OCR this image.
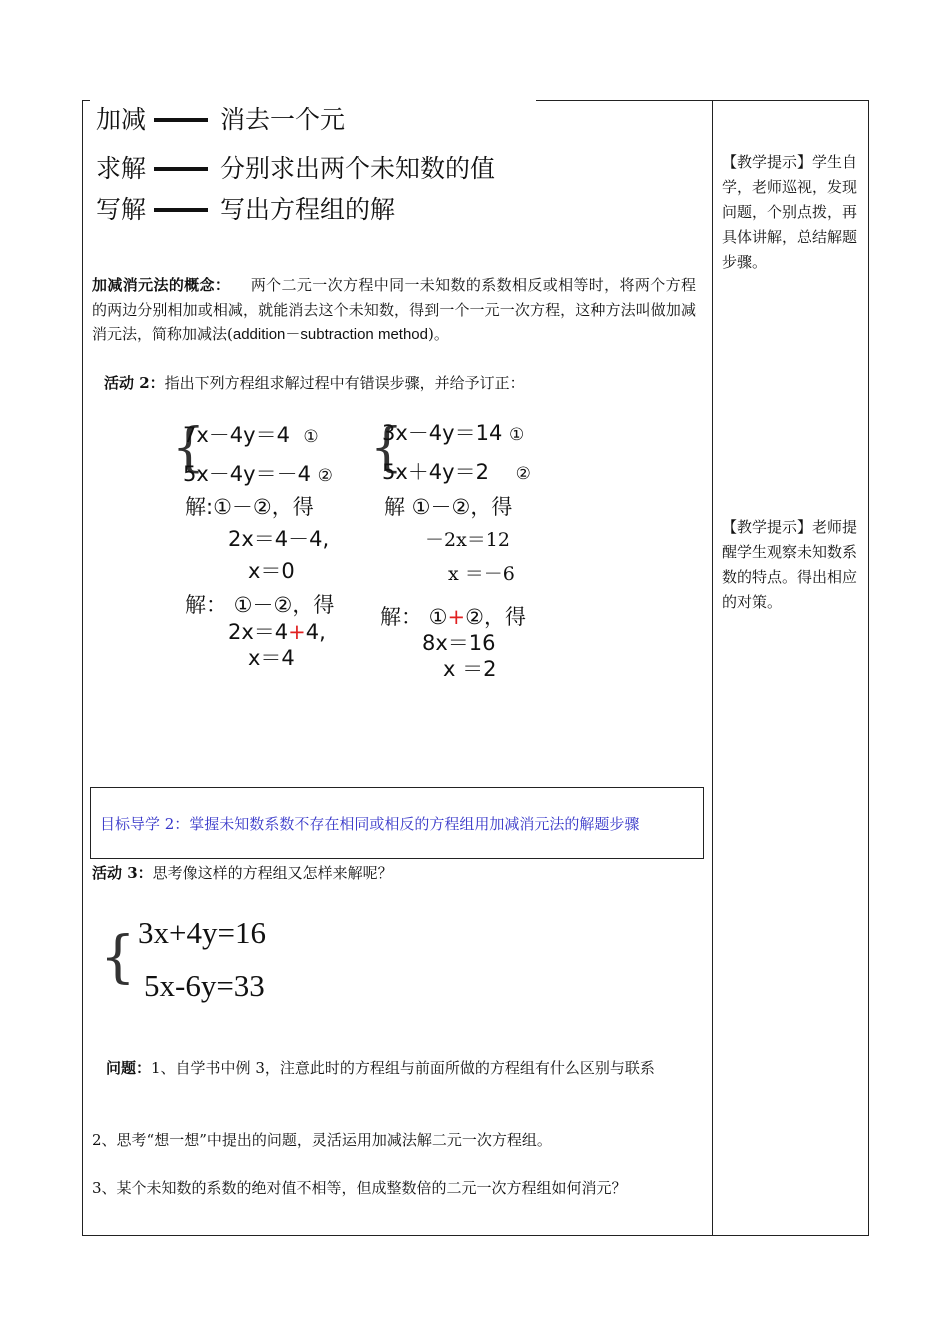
加减	消去一个元
求解	分别求出两个未知数的值
写解	写出方程组的解
加减消元法的概念： 两个二元一次方程中同一未知数的系数相反或相等时，将两个方程的两边分别相加或相减，就能消去这个未知数，得到一个一元一次方程，这种方法叫做加减消元法，简称加减法(addition－subtraction method)。
活动 2：指出下列方程组求解过程中有错误步骤，并给予订正：
{
7x－4y＝4 ①
5x－4y＝－4 ②
解:①－②，得
2x＝4－4,
x＝0
解： ①－②，得
2x＝4+4,
x＝4
{
3x－4y＝14 ①
5x＋4y＝2 ②
解 ①－②，得
－2x＝12
x ＝－6
解： ①+②，得
8x＝16
x ＝2
目标导学 2：掌握未知数系数不存在相同或相反的方程组用加减消元法的解题步骤
活动 3：思考像这样的方程组又怎样来解呢？
{ 3x+4y=16
5x-6y=33
问题：1、自学书中例 3，注意此时的方程组与前面所做的方程组有什么区别与联系
2、思考“想一想”中提出的问题，灵活运用加减法解二元一次方程组。
3、某个未知数的系数的绝对值不相等，但成整数倍的二元一次方程组如何消元？
【教学提示】学生自学，老师巡视，发现问题，个别点拨，再具体讲解，总结解题步骤。
【教学提示】老师提醒学生观察未知数系数的特点。得出相应的对策。
